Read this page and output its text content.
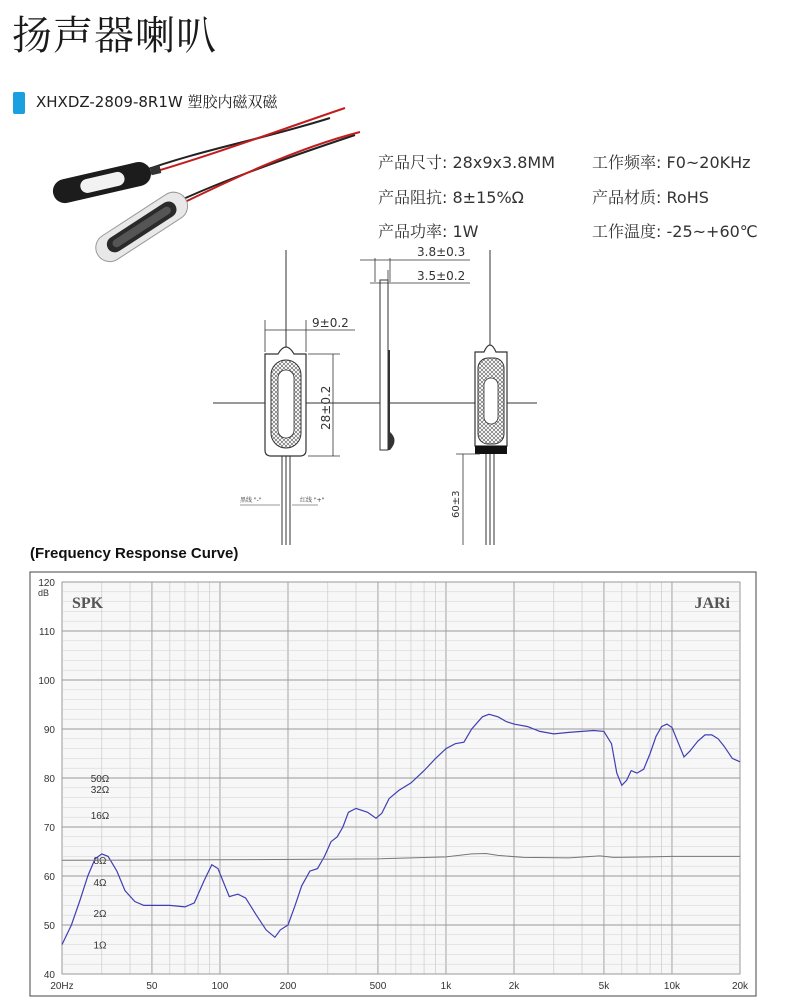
扬声器喇叭
XHXDZ-2809-8R1W 塑胶内磁双磁
产品尺寸: 28x9x3.8MM 工作频率: F0~20KHz
产品阻抗: 8±15%Ω	产品材质: RoHS
产品功率: 1W	工作温度: -25~+60℃
9±0.2
28±0.2
黑线 "-"	红线 "+"
3.8±0.3
3.5±0.2
60±3
(Frequency Response Curve)
50Ω
32Ω
16Ω
8Ω
4Ω
2Ω
1Ω
40
50
60
70
80
90
100
110
120
20Hz	50	100	200	500	1k	2k	5k	10k	20k
SPK	JARi
dB
